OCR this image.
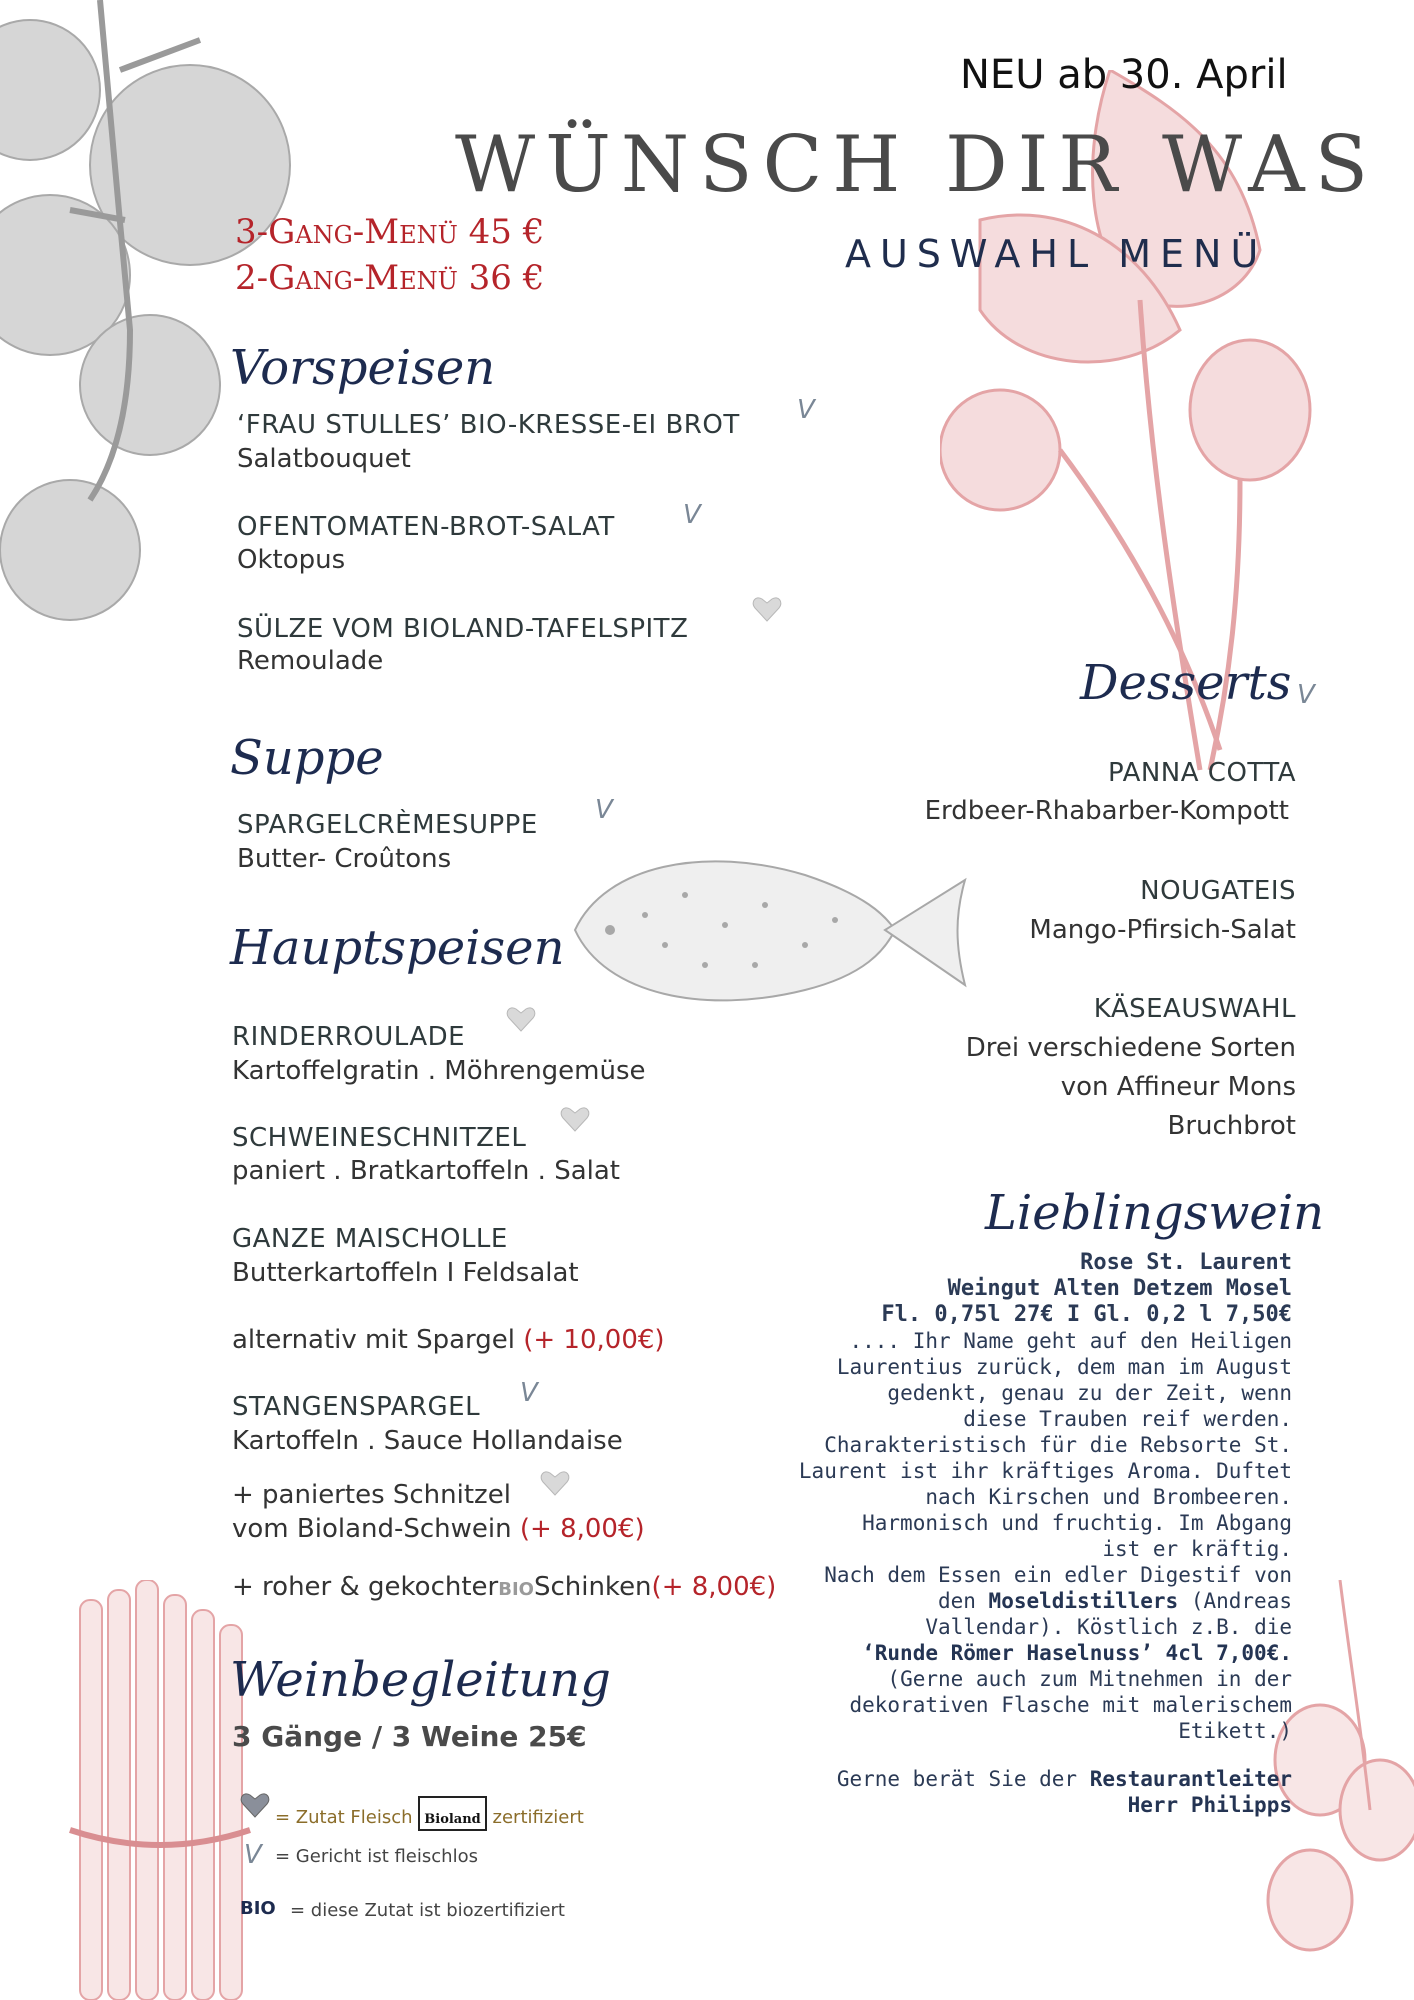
NEU ab 30. April
WÜNSCH DIR WAS
AUSWAHL MENÜ
3-Gang-Menü 45 €
2-Gang-Menü 36 €
Vorspeisen
‘FRAU STULLES’ BIO-KRESSE-EI BROT V
Salatbouquet
OFENTOMATEN-BROT-SALAT	V
Oktopus
SÜLZE VOM BIOLAND-TAFELSPITZ
Remoulade
Suppe
SPARGELCRÈMESUPPE V
Butter- Croûtons
Hauptspeisen
RINDERROULADE
Kartoffelgratin . Möhrengemüse
SCHWEINESCHNITZEL
paniert . Bratkartoffeln . Salat
GANZE MAISCHOLLE
Butterkartoffeln I Feldsalat
alternativ mit Spargel (+ 10,00€)
STANGENSPARGEL V
Kartoffeln . Sauce Hollandaise
+ paniertes Schnitzel
vom Bioland-Schwein (+ 8,00€)
+ roher & gekochterBIOSchinken(+ 8,00€)
Weinbegleitung
3 Gänge / 3 Weine 25€
= Zutat Fleisch Bioland zertifiziert
V = Gericht ist fleischlos
BIO = diese Zutat ist biozertifiziert
Desserts V
PANNA COTTA
Erdbeer-Rhabarber-Kompott
NOUGATEIS
Mango-Pfirsich-Salat
KÄSEAUSWAHL
Drei verschiedene Sorten
von Affineur Mons
Bruchbrot
Lieblingswein
Rose St. Laurent
Weingut Alten Detzem Mosel
Fl. 0,75l 27€ I Gl. 0,2 l 7,50€
.... Ihr Name geht auf den Heiligen
Laurentius zurück, dem man im August
gedenkt, genau zu der Zeit, wenn
diese Trauben reif werden.
Charakteristisch für die Rebsorte St.
Laurent ist ihr kräftiges Aroma. Duftet
nach Kirschen und Brombeeren.
Harmonisch und fruchtig. Im Abgang
ist er kräftig.
Nach dem Essen ein edler Digestif von
den Moseldistillers (Andreas
Vallendar). Köstlich z.B. die
‘Runde Römer Haselnuss’ 4cl 7,00€.
(Gerne auch zum Mitnehmen in der
dekorativen Flasche mit malerischem
Etikett.)
Gerne berät Sie der Restaurantleiter
Herr Philipps
